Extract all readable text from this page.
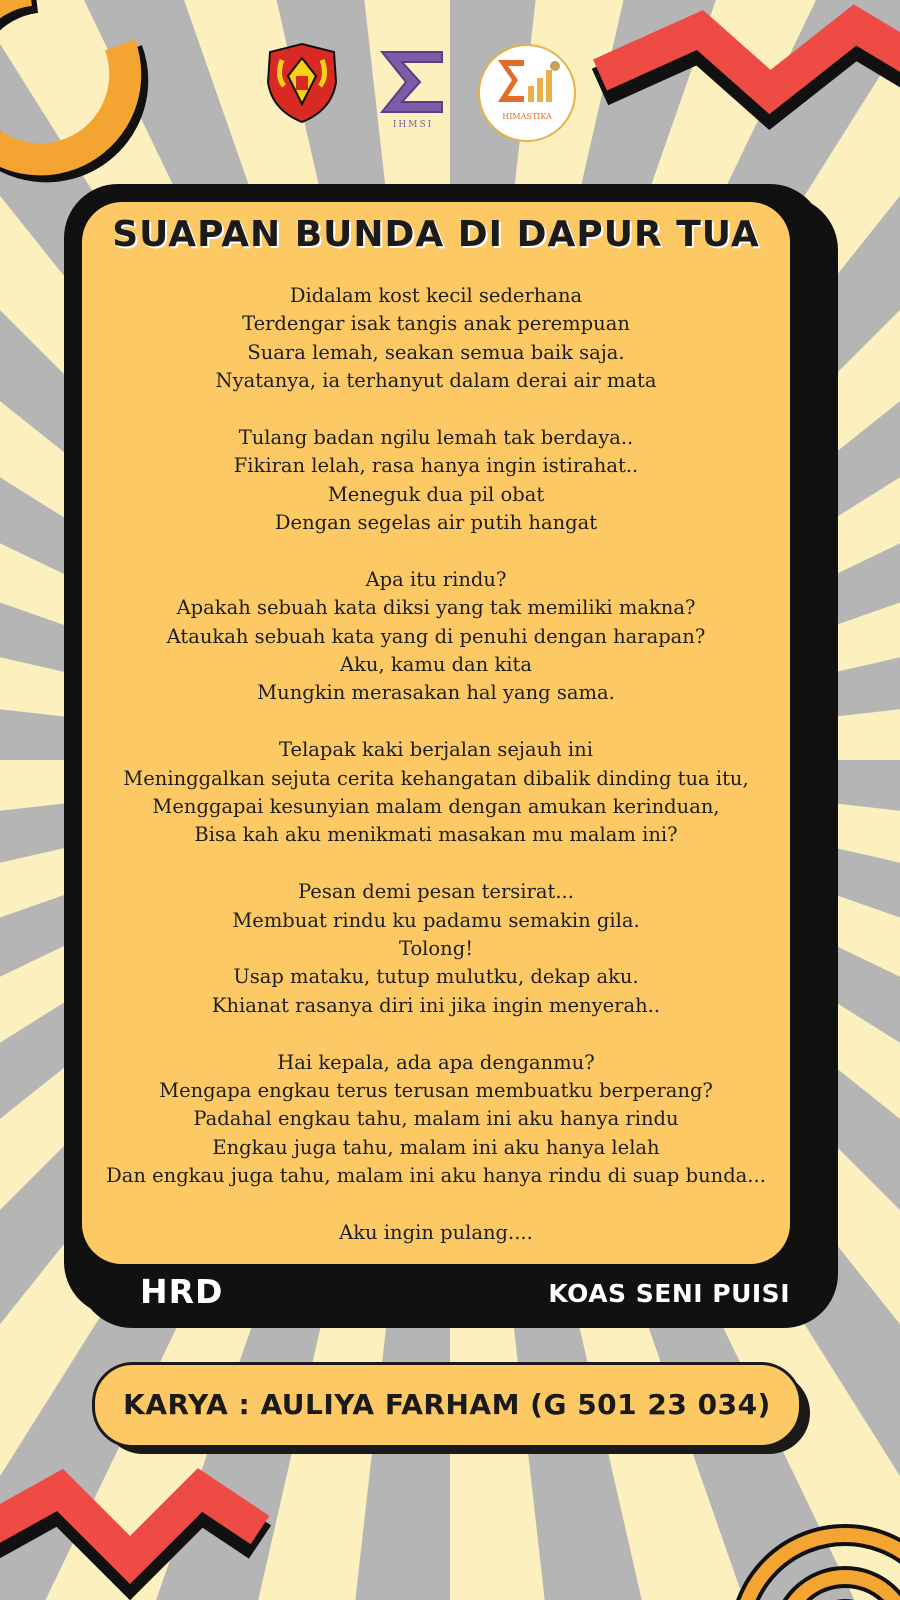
IHMSI
HIMASTIKA
SUAPAN BUNDA DI DAPUR TUA
Didalam kost kecil sederhana
Terdengar isak tangis anak perempuan
Suara lemah, seakan semua baik saja.
Nyatanya, ia terhanyut dalam derai air mata
Tulang badan ngilu lemah tak berdaya..
Fikiran lelah, rasa hanya ingin istirahat..
Meneguk dua pil obat
Dengan segelas air putih hangat
Apa itu rindu?
Apakah sebuah kata diksi yang tak memiliki makna?
Ataukah sebuah kata yang di penuhi dengan harapan?
Aku, kamu dan kita
Mungkin merasakan hal yang sama.
Telapak kaki berjalan sejauh ini
Meninggalkan sejuta cerita kehangatan dibalik dinding tua itu,
Menggapai kesunyian malam dengan amukan kerinduan,
Bisa kah aku menikmati masakan mu malam ini?
Pesan demi pesan tersirat...
Membuat rindu ku padamu semakin gila.
Tolong!
Usap mataku, tutup mulutku, dekap aku.
Khianat rasanya diri ini jika ingin menyerah..
Hai kepala, ada apa denganmu?
Mengapa engkau terus terusan membuatku berperang?
Padahal engkau tahu, malam ini aku hanya rindu
Engkau juga tahu, malam ini aku hanya lelah
Dan engkau juga tahu, malam ini aku hanya rindu di suap bunda...
Aku ingin pulang....
HRD	KOAS SENI PUISI

KARYA : AULIYA FARHAM (G 501 23 034)
